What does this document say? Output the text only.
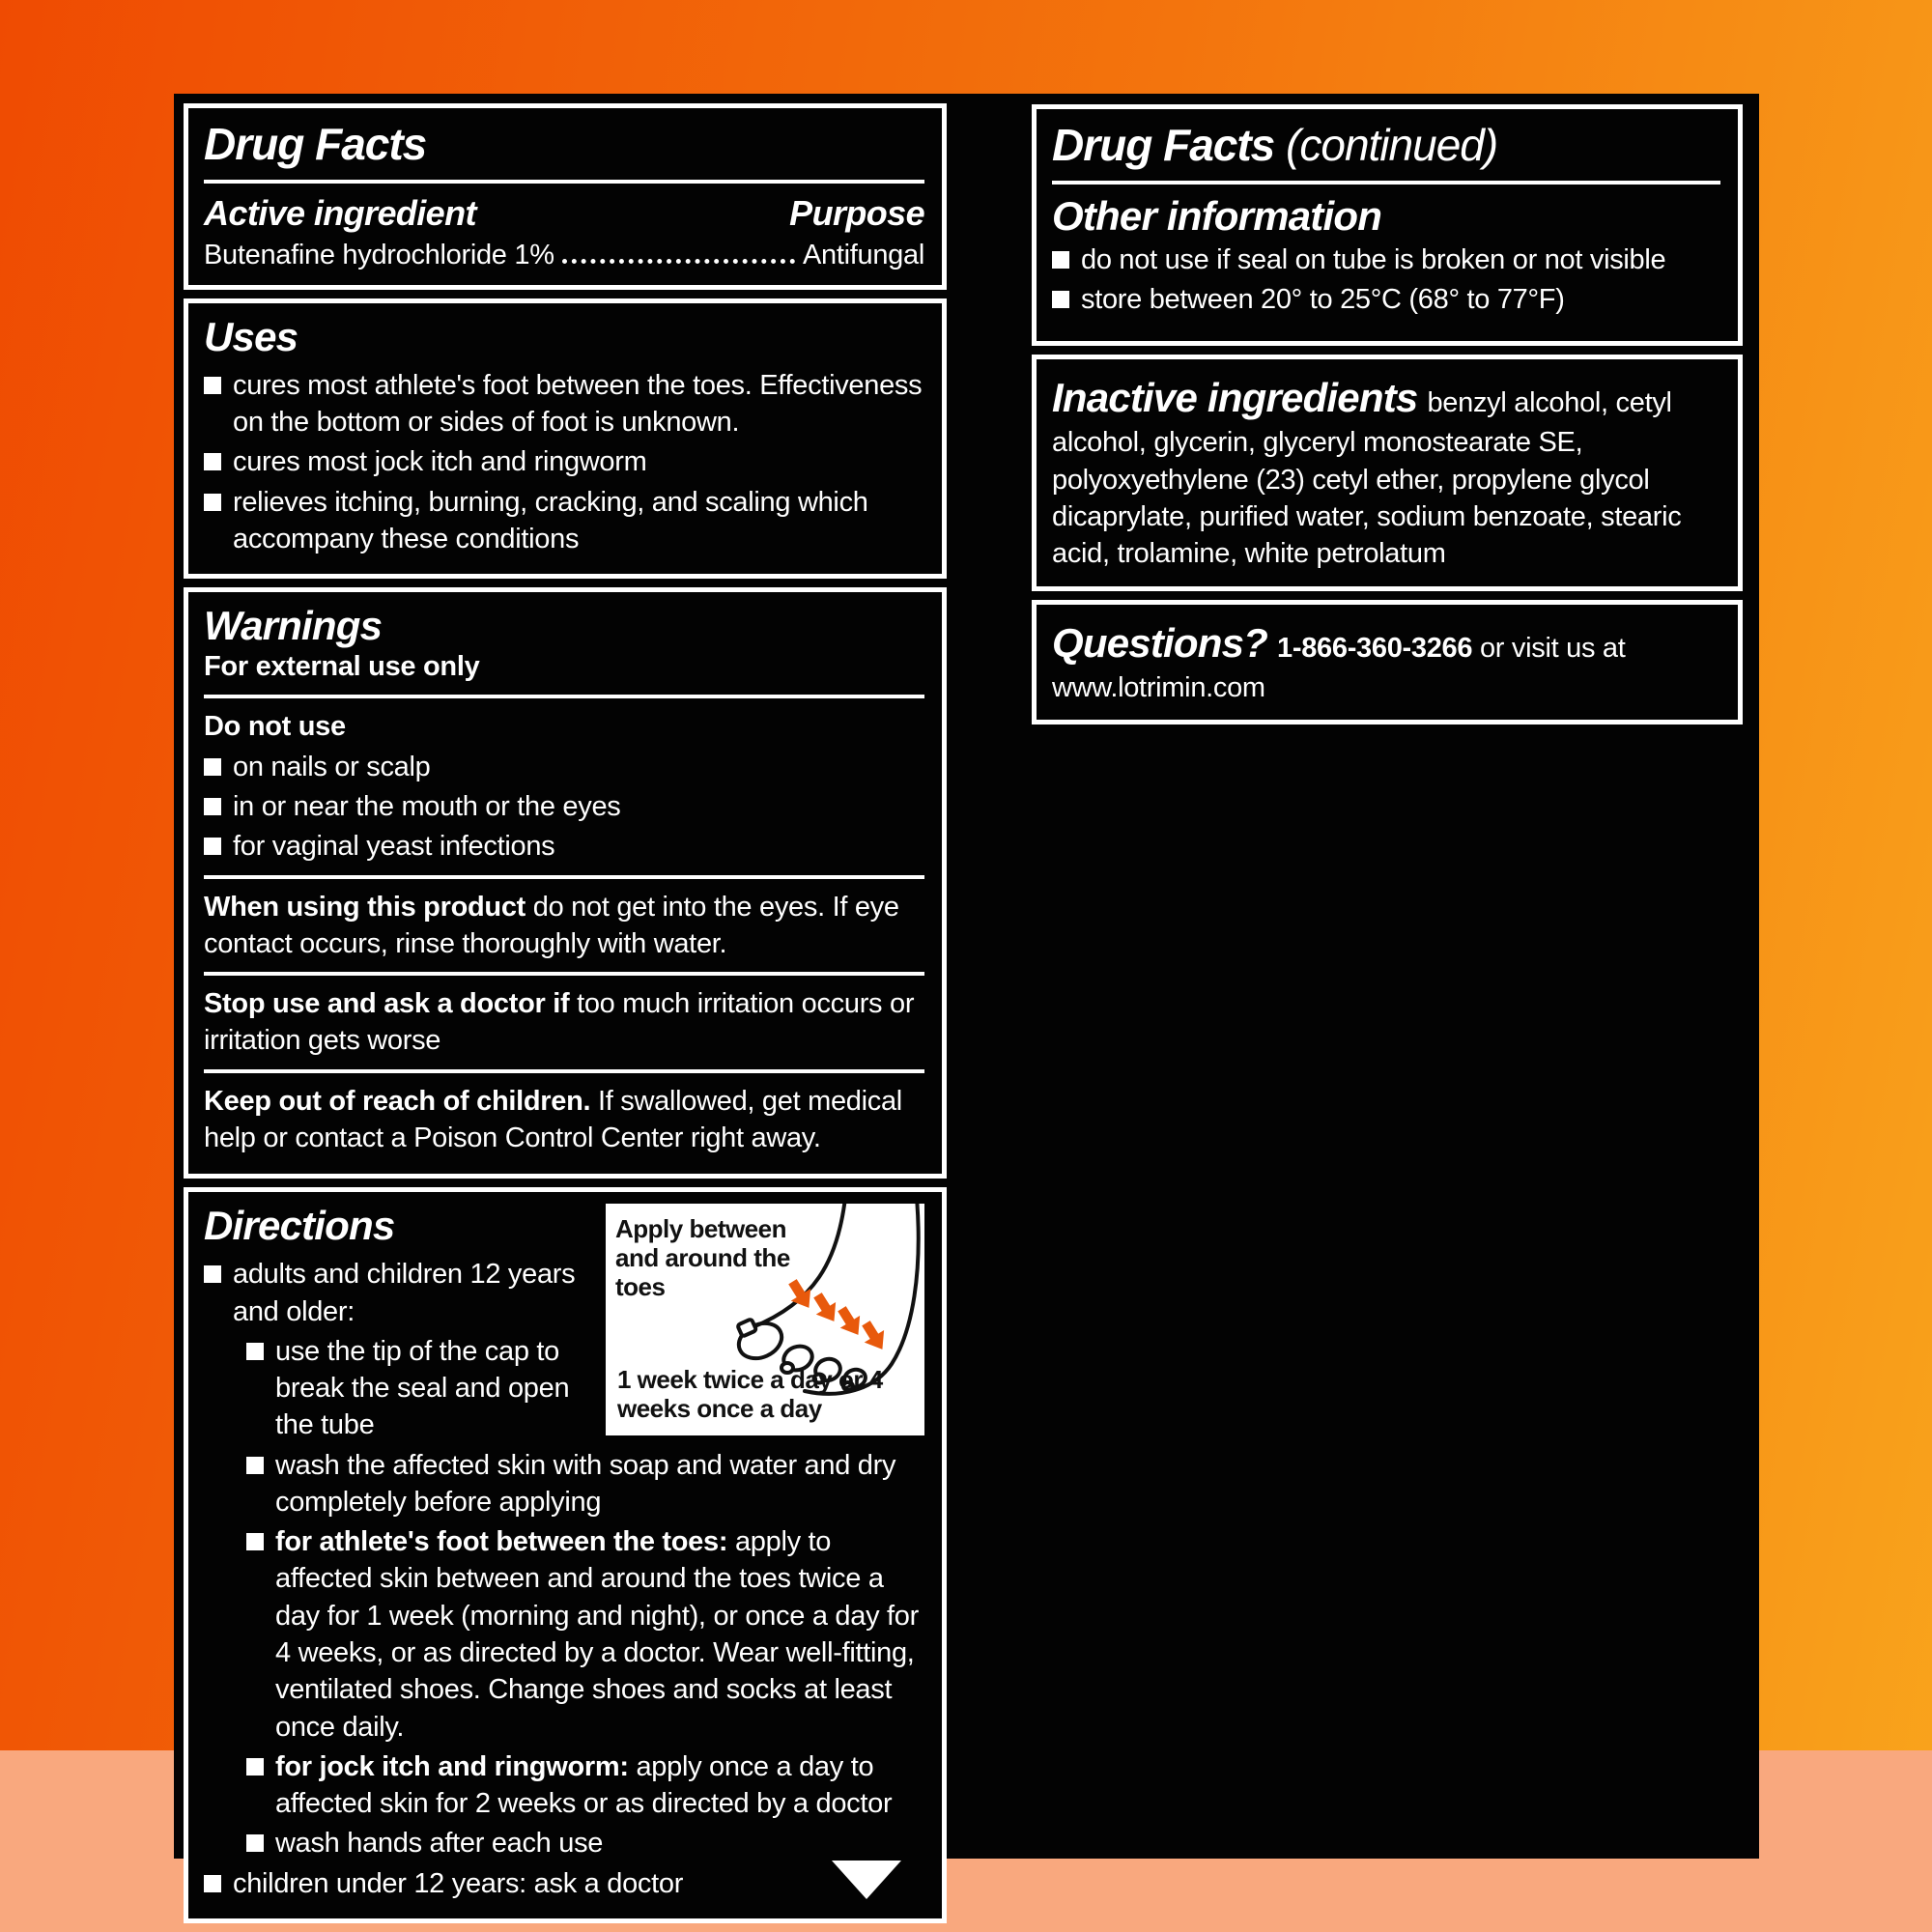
Drug Facts
Active ingredient	Purpose
Butenafine hydrochloride 1%	Antifungal
Uses
cures most athlete's foot between the toes. Effectiveness on the bottom or sides of foot is unknown.
cures most jock itch and ringworm
relieves itching, burning, cracking, and scaling which accompany these conditions
Warnings
For external use only
Do not use
on nails or scalp
in or near the mouth or the eyes
for vaginal yeast infections

When using this product do not get into the eyes. If eye contact occurs, rinse thoroughly with water.

Stop use and ask a doctor if too much irritation occurs or irritation gets worse

Keep out of reach of children. If swallowed, get medical help or contact a Poison Control Center right away.

Apply between and around the toes
1 week twice a day or 4 weeks once a day
Directions
adults and children 12 years and older:
use the tip of the cap to break the seal and open the tube
wash the affected skin with soap and water and dry completely before applying
for athlete's foot between the toes: apply to affected skin between and around the toes twice a day for 1 week (morning and night), or once a day for 4 weeks, or as directed by a doctor. Wear well-fitting, ventilated shoes. Change shoes and socks at least once daily.
for jock itch and ringworm: apply once a day to affected skin for 2 weeks or as directed by a doctor
wash hands after each use
children under 12 years: ask a doctor
Drug Facts (continued)
Other information
do not use if seal on tube is broken or not visible
store between 20° to 25°C (68° to 77°F)

Inactive ingredients benzyl alcohol, cetyl alcohol, glycerin, glyceryl monostearate SE, polyoxyethylene (23) cetyl ether, propylene glycol dicaprylate, purified water, sodium benzoate, stearic acid, trolamine, white petrolatum

Questions? 1-866-360-3266 or visit us at www.lotrimin.com
